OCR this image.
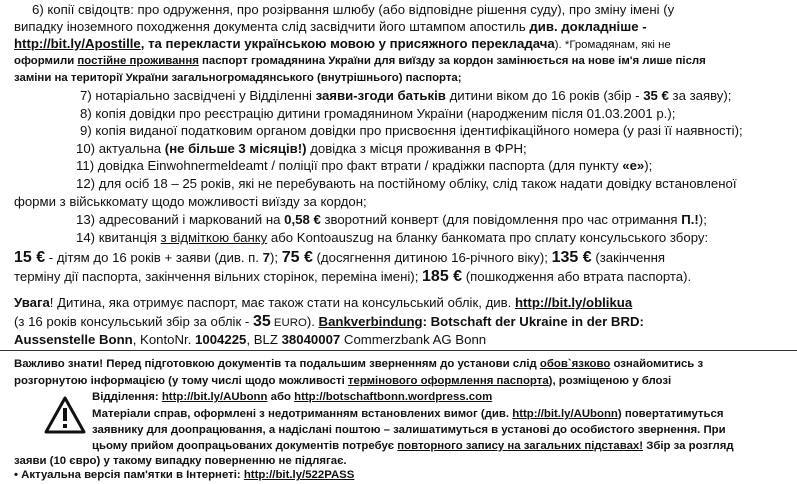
6) копії свідоцтв: про одруження, про розірвання шлюбу (або відповідне рішення суду), про зміну імені (у
випадку іноземного походження документа слід засвідчити його штампом апостиль див. докладніше -
http://bit.ly/Apostille, та перекласти українською мовою у присяжного перекладача). *Громадянам, які не
оформили постійне проживання паспорт громадянина України для виїзду за кордон замінюється на нове ім'я лише після
заміни на території України загальногромадянського (внутрішнього) паспорта;
7) нотаріально засвідчені у Відділенні заяви-згоди батьків дитини віком до 16 років (збір - 35 € за заяву);
8) копія довідки про реєстрацію дитини громадянином України (народженим після 01.03.2001 р.);
9) копія виданої податковим органом довідки про присвоєння ідентифікаційного номера (у разі її наявності);
10) актуальна (не більше 3 місяців!) довідка з місця проживання в ФРН;
11) довідка Einwohnermeldeamt / поліції про факт втрати / крадіжки паспорта (для пункту «е»);
12) для осіб 18 – 25 років, які не перебувають на постійному обліку, слід також надати довідку встановленої
форми з військкомату щодо можливості виїзду за кордон;
13) адресований і маркований на 0,58 € зворотний конверт (для повідомлення про час отримання П.!);
14) квитанція з відміткою банку або Kontoauszug на бланку банкомата про сплату консульського збору:
15 € - дітям до 16 років + заяви (див. п. 7); 75 € (досягнення дитиною 16-річного віку); 135 € (закінчення
терміну дії паспорта, закінчення вільних сторінок, переміна імені); 185 € (пошкодження або втрата паспорта).
Увага! Дитина, яка отримує паспорт, має також стати на консульський облік, див. http://bit.ly/oblikua
(з 16 років консульський збір за облік - 35 EURO). Bankverbindung: Botschaft der Ukraine in der BRD:
Aussenstelle Bonn, KontoNr. 1004225, BLZ 38040007 Commerzbank AG Bonn
Важливо знати! Перед підготовкою документів та подальшим зверненням до установи слід обов`язково ознайомитись з
розгорнутою інформацією (у тому числі щодо можливості термінового оформлення паспорта), розміщеною у блозі
Відділення: http://bit.ly/AUbonn або http://botschaftbonn.wordpress.com
Матеріали справ, оформлені з недотриманням встановлених вимог (див. http://bit.ly/AUbonn) повертатимуться
заявнику для доопрацювання, а надіслані поштою – залишатимуться в установі до особистого звернення. При
цьому прийом доопрацьованих документів потребує повторного запису на загальних підставах! Збір за розгляд
заяви (10 євро) у такому випадку поверненню не підлягає.
• Актуальна версія пам'ятки в Інтернеті: http://bit.ly/522PASS
